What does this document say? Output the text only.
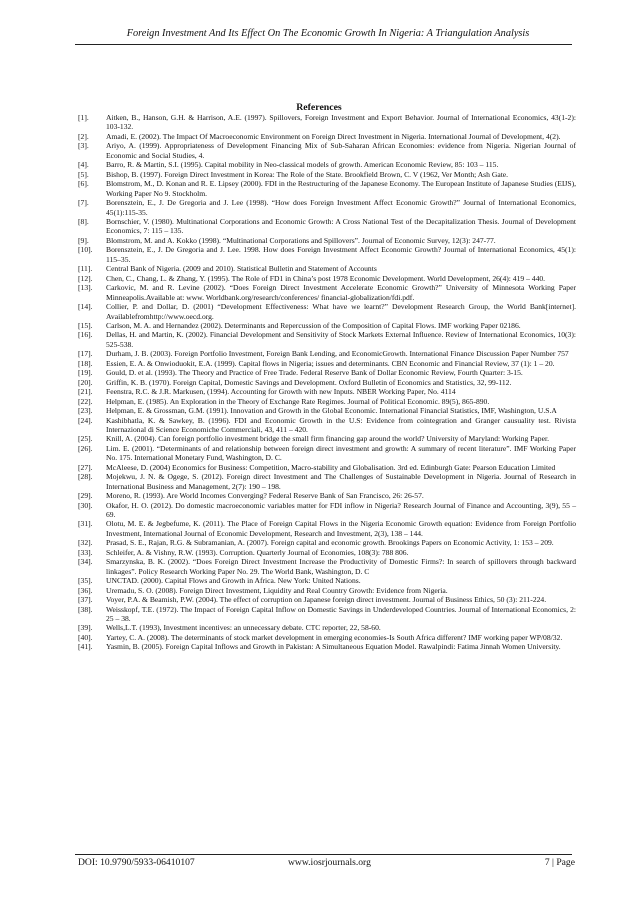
Foreign Investment And Its Effect On The Economic Growth In Nigeria: A Triangulation Analysis
References
[1].	Aitken, B., Hanson, G.H. & Harrison, A.E. (1997). Spillovers, Foreign Investment and Export Behavior. Journal of International Economics, 43(1-2): 103-132.
[2].	Amadi, E. (2002). The Impact Of Macroeconomic Environment on Foreign Direct Investment in Nigeria. International Journal of Development, 4(2).
[3].	Ariyo, A. (1999). Appropriateness of Development Financing Mix of Sub-Saharan African Economies: evidence from Nigeria. Nigerian Journal of Economic and Social Studies, 4.
[4].	Barro, R. & Martin, S.I. (1995). Capital mobility in Neo-classical models of growth. American Economic Review, 85: 103 – 115.
[5].	Bishop, B. (1997). Foreign Direct Investment in Korea: The Role of the State. Brookfield Brown, C. V (1962, Ver Month; Ash Gate.
[6].	Blomstrom, M., D. Konan and R. E. Lipsey (2000). FDI in the Restructuring of the Japanese Economy. The European Institute of Japanese Studies (EIJS), Working Paper No 9. Stockholm.
[7].	Borensztein, E., J. De Gregoria and J. Lee (1998). “How does Foreign Investment Affect Economic Growth?” Journal of International Economics, 45(1):115-35.
[8].	Bornschier, V. (1980). Multinational Corporations and Economic Growth: A Cross National Test of the Decapitalization Thesis. Journal of Development Economics, 7: 115 – 135.
[9].	Blomstrom, M. and A. Kokko (1998). “Multinational Corporations and Spillovers”. Journal of Economic Survey, 12(3): 247-77.
[10].	Borensztein, E., J. De Gregoria and J. Lee. 1998. How does Foreign Investment Affect Economic Growth? Journal of International Economics, 45(1): 115–35.
[11].	Central Bank of Nigeria. (2009 and 2010). Statistical Bulletin and Statement of Accounts
[12].	Chen, C., Chang, L. & Zhang, Y. (1995). The Role of FD1 in China’s post 1978 Economic Development. World Development, 26(4): 419 – 440.
[13].	Carkovic, M. and R. Levine (2002). “Does Foreign Direct Investment Accelerate Economic Growth?” University of Minnesota Working Paper Minneapolis.Available at: www. Worldbank.org/research/conferences/ financial-globalization/fdi.pdf.
[14].	Collier, P. and Dollar, D. (2001) “Development Effectiveness: What have we learnt?” Development Research Group, the World Bank[internet]. Availablefromhttp://www.oecd.org.
[15].	Carlson, M. A. and Hernandez (2002). Determinants and Repercussion of the Composition of Capital Flows. IMF working Paper 02186.
[16].	Dellas, H. and Martin, K. (2002). Financial Development and Sensitivity of Stock Markets External Influence. Review of International Economics, 10(3): 525-538.
[17].	Durham, J. B. (2003). Foreign Portfolio Investment, Foreign Bank Lending, and EconomicGrowth. International Finance Discussion Paper Number 757
[18].	Essien, E. A. & Onwioduokit, E.A. (1999). Capital flows in Nigeria; issues and determinants. CBN Economic and Financial Review, 37 (1): 1 – 20.
[19].	Gould, D. et al. (1993). The Theory and Practice of Free Trade. Federal Reserve Bank of Dollar Economic Review, Fourth Quarter: 3-15.
[20].	Griffin, K. B. (1970). Foreign Capital, Domestic Savings and Development. Oxford Bulletin of Economics and Statistics, 32, 99-112.
[21].	Feenstra, R.C. & J.R. Markusen, (1994). Accounting for Growth with new Inputs. NBER Working Paper, No. 4114
[22].	Helpman, E. (1985). An Exploration in the Theory of Exchange Rate Regimes. Journal of Political Economic. 89(5), 865-890.
[23].	Helpman, E. & Grossman, G.M. (1991). Innovation and Growth in the Global Economic. International Financial Statistics, IMF, Washington, U.S.A
[24].	Kashibhatla, K. & Sawkey, B. (1996). FDI and Economic Growth in the U.S: Evidence from cointegration and Granger causuality test. Rivista Internazional di Science Economiche Commerciali, 43, 411 – 420.
[25].	Knill, A. (2004). Can foreign portfolio investment bridge the small firm financing gap around the world? University of Maryland: Working Paper.
[26].	Lim. E. (2001). “Determinants of and relationship between foreign direct investment and growth: A summary of recent literature”. IMF Working Paper No. 175. International Monetary Fund, Washington, D. C.
[27].	McAleese, D. (2004) Economics for Business: Competition, Macro-stability and Globalisation. 3rd ed. Edinburgh Gate: Pearson Education Limited
[28].	Mojekwu, J. N. & Ogege, S. (2012). Foreign direct Investment and The Challenges of Sustainable Development in Nigeria. Journal of Research in International Business and Management, 2(7): 190 – 198.
[29].	Moreno, R. (1993). Are World Incomes Converging? Federal Reserve Bank of San Francisco, 26: 26-57.
[30].	Okafor, H. O. (2012). Do domestic macroeconomic variables matter for FDI inflow in Nigeria? Research Journal of Finance and Accounting, 3(9), 55 – 69.
[31].	Olotu, M. E. & Jegbefume, K. (2011). The Place of Foreign Capital Flows in the Nigeria Economic Growth equation: Evidence from Foreign Portfolio Investment, International Journal of Economic Development, Research and Investment, 2(3), 138 – 144.
[32].	Prasad, S. E., Rajan, R.G. & Subramanian, A. (2007). Foreign capital and economic growth. Brookings Papers on Economic Activity, 1: 153 – 209.
[33].	Schleifer, A. & Vishny, R.W. (1993). Corruption. Quarterly Journal of Economies, 108(3): 788 806.
[34].	Smarzynska, B. K. (2002). “Does Foreign Direct Investment Increase the Productivity of Domestic Firms?: In search of spillovers through backward linkages”. Policy Research Working Paper No. 29. The World Bank, Washington, D. C
[35].	UNCTAD. (2000). Capital Flows and Growth in Africa. New York: United Nations.
[36].	Uremadu, S. O. (2008). Foreign Direct Investment, Liquidity and Real Country Growth: Evidence from Nigeria.
[37].	Voyer, P.A. & Beamish, P.W. (2004). The effect of corruption on Japanese foreign direct investment. Journal of Business Ethics, 50 (3): 211-224.
[38].	Weisskopf, T.E. (1972). The Impact of Foreign Capital Inflow on Domestic Savings in Underdeveloped Countries. Journal of International Economics, 2: 25 – 38.
[39].	Wells,L.T. (1993), Investment incentives: an unnecessary debate. CTC reporter, 22, 58-60.
[40].	Yartey, C. A. (2008). The determinants of stock market development in emerging economies-Is South Africa different? IMF working paper WP/08/32.
[41].	Yasmin, B. (2005). Foreign Capital Inflows and Growth in Pakistan: A Simultaneous Equation Model. Rawalpindi: Fatima Jinnah Women University.
DOI: 10.9790/5933-06410107	www.iosrjournals.org	7 | Page
